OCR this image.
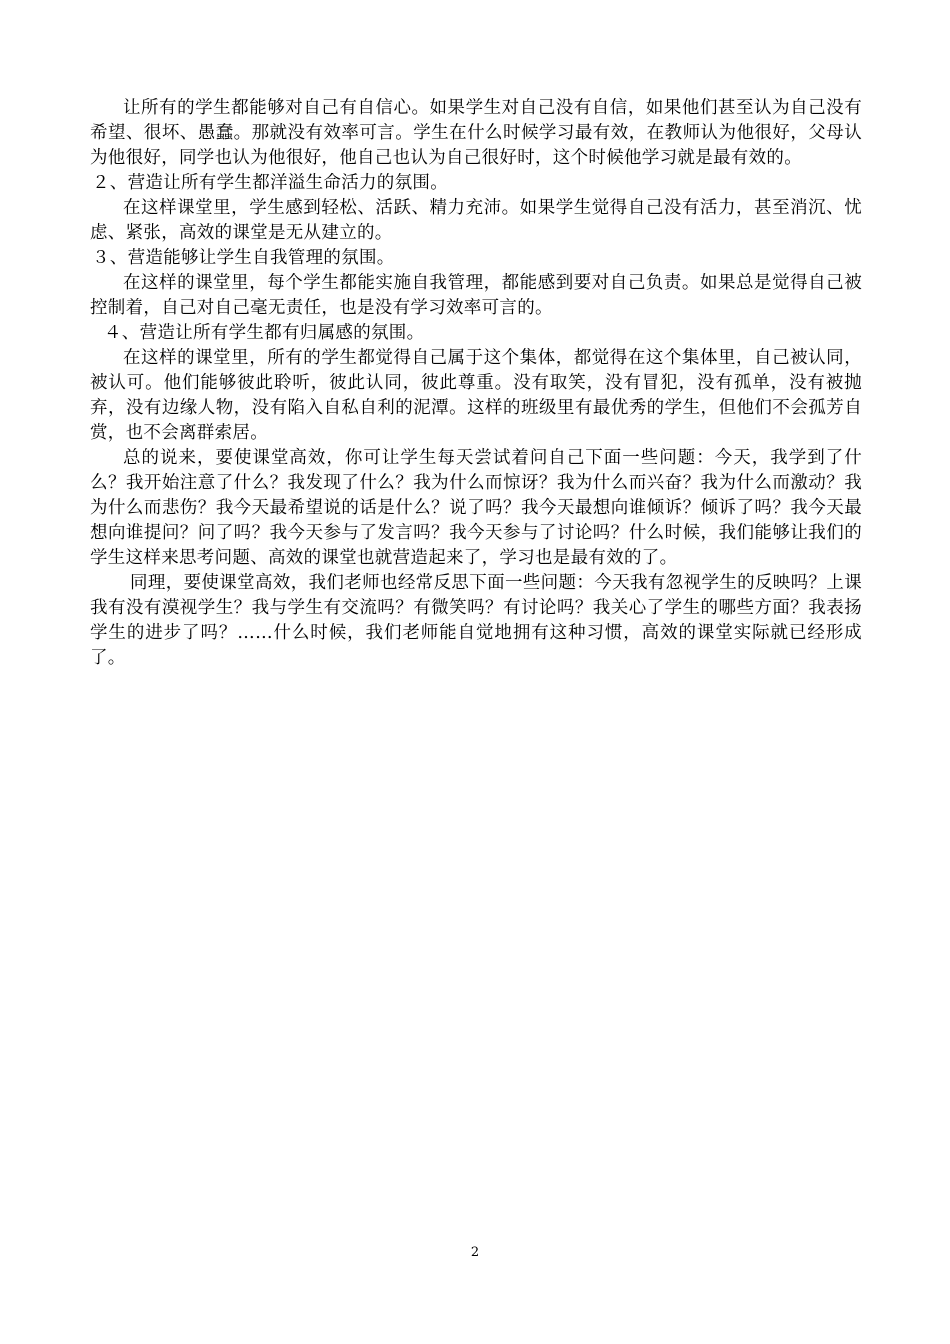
让所有的学生都能够对自己有自信心。如果学生对自己没有自信，如果他们甚至认为自己没有希望、很坏、愚蠢。那就没有效率可言。学生在什么时候学习最有效，在教师认为他很好，父母认为他很好，同学也认为他很好，他自己也认为自己很好时，这个时候他学习就是最有效的。

２、营造让所有学生都洋溢生命活力的氛围。

在这样课堂里，学生感到轻松、活跃、精力充沛。如果学生觉得自己没有活力，甚至消沉、忧虑、紧张，高效的课堂是无从建立的。

３、营造能够让学生自我管理的氛围。

在这样的课堂里，每个学生都能实施自我管理，都能感到要对自己负责。如果总是觉得自己被控制着，自己对自己毫无责任，也是没有学习效率可言的。

４、营造让所有学生都有归属感的氛围。

在这样的课堂里，所有的学生都觉得自己属于这个集体，都觉得在这个集体里，自己被认同，被认可。他们能够彼此聆听，彼此认同，彼此尊重。没有取笑，没有冒犯，没有孤单，没有被抛弃，没有边缘人物，没有陷入自私自利的泥潭。这样的班级里有最优秀的学生，但他们不会孤芳自赏，也不会离群索居。

总的说来，要使课堂高效，你可让学生每天尝试着问自己下面一些问题：今天，我学到了什么？我开始注意了什么？我发现了什么？我为什么而惊讶？我为什么而兴奋？我为什么而激动？我为什么而悲伤？我今天最希望说的话是什么？说了吗？我今天最想向谁倾诉？倾诉了吗？我今天最想向谁提问？问了吗？我今天参与了发言吗？我今天参与了讨论吗？什么时候，我们能够让我们的学生这样来思考问题、高效的课堂也就营造起来了，学习也是最有效的了。

同理，要使课堂高效，我们老师也经常反思下面一些问题：今天我有忽视学生的反映吗？上课我有没有漠视学生？我与学生有交流吗？有微笑吗？有讨论吗？我关心了学生的哪些方面？我表扬学生的进步了吗？……什么时候，我们老师能自觉地拥有这种习惯，高效的课堂实际就已经形成了。

2
